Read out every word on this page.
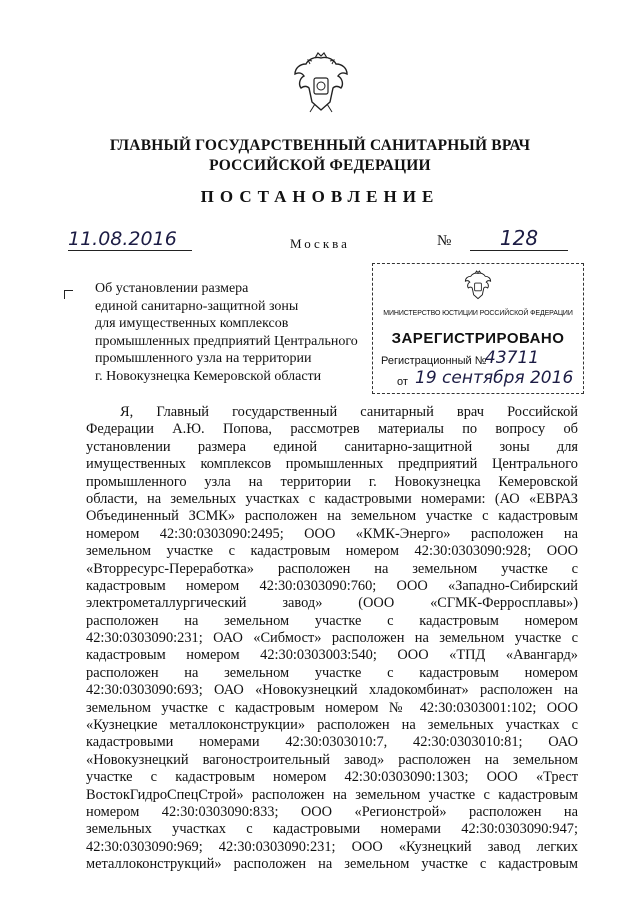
ГЛАВНЫЙ ГОСУДАРСТВЕННЫЙ САНИТАРНЫЙ ВРАЧ
РОССИЙСКОЙ ФЕДЕРАЦИИ
ПОСТАНОВЛЕНИЕ
11.08.2016	Москва	№	128
Об установлении размера
единой санитарно-защитной зоны
для имущественных комплексов
промышленных предприятий Центрального
промышленного узла на территории
г. Новокузнецка Кемеровской области
МИНИСТЕРСТВО ЮСТИЦИИ РОССИЙСКОЙ ФЕДЕРАЦИИ
ЗАРЕГИСТРИРОВАНО
Регистрационный №
43711
от 19 сентября 2016
Я, Главный государственный санитарный врач Российской
Федерации А.Ю. Попова, рассмотрев материалы по вопросу об
установлении размера единой санитарно-защитной зоны для
имущественных комплексов промышленных предприятий Центрального
промышленного узла на территории г. Новокузнецка Кемеровской
области, на земельных участках с кадастровыми номерами: (АО «ЕВРАЗ
Объединенный ЗСМК» расположен на земельном участке с кадастровым
номером 42:30:0303090:2495; ООО «КМК-Энерго» расположен на
земельном участке с кадастровым номером 42:30:0303090:928; ООО
«Вторресурс-Переработка» расположен на земельном участке с
кадастровым номером 42:30:0303090:760; ООО «Западно-Сибирский
электрометаллургический завод» (ООО «СГМК-Ферросплавы»)
расположен на земельном участке с кадастровым номером
42:30:0303090:231; ОАО «Сибмост» расположен на земельном участке с
кадастровым номером 42:30:0303003:540; ООО «ТПД «Авангард»
расположен на земельном участке с кадастровым номером
42:30:0303090:693; ОАО «Новокузнецкий хладокомбинат» расположен на
земельном участке с кадастровым номером № 42:30:0303001:102; ООО
«Кузнецкие металлоконструкции» расположен на земельных участках с
кадастровыми номерами 42:30:0303010:7, 42:30:0303010:81; ОАО
«Новокузнецкий вагоностроительный завод» расположен на земельном
участке с кадастровым номером 42:30:0303090:1303; ООО «Трест
ВостокГидроСпецСтрой» расположен на земельном участке с кадастровым
номером 42:30:0303090:833; ООО «Регионстрой» расположен на
земельных участках с кадастровыми номерами 42:30:0303090:947;
42:30:0303090:969; 42:30:0303090:231; ООО «Кузнецкий завод легких
металлоконструкций» расположен на земельном участке с кадастровым
